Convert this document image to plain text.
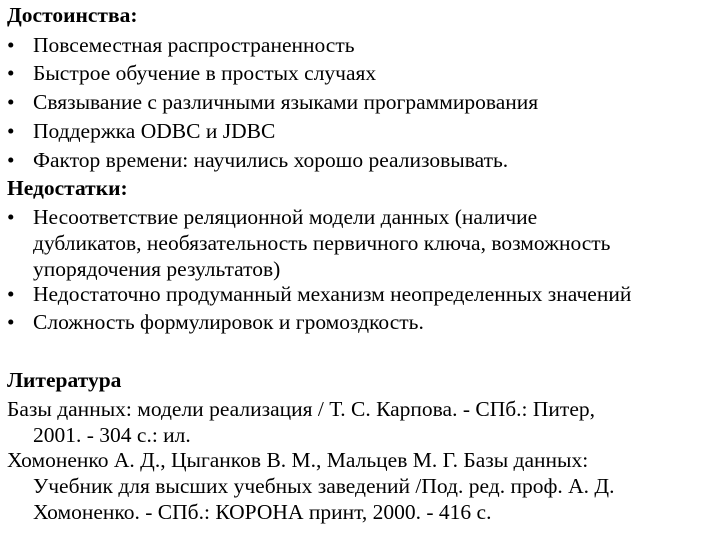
Достоинства:
• Повсеместная распространенность
• Быстрое обучение в простых случаях
• Связывание с различными языками программирования
• Поддержка ODBC и JDBC
• Фактор времени: научились хорошо реализовывать.
Недостатки:
• Несоответствие реляционной модели данных (наличие
дубликатов, необязательность первичного ключа, возможность
упорядочения результатов)
• Недостаточно продуманный механизм неопределенных значений
• Сложность формулировок и громоздкость.
Литература
Базы данных: модели реализация / Т. С. Карпова. - СПб.: Питер,
2001. - 304 с.: ил.
Хомоненко А. Д., Цыганков В. М., Мальцев М. Г. Базы данных:
Учебник для высших учебных заведений /Под. ред. проф. А. Д.
Хомоненко. - СПб.: КОРОНА принт, 2000. - 416 с.
